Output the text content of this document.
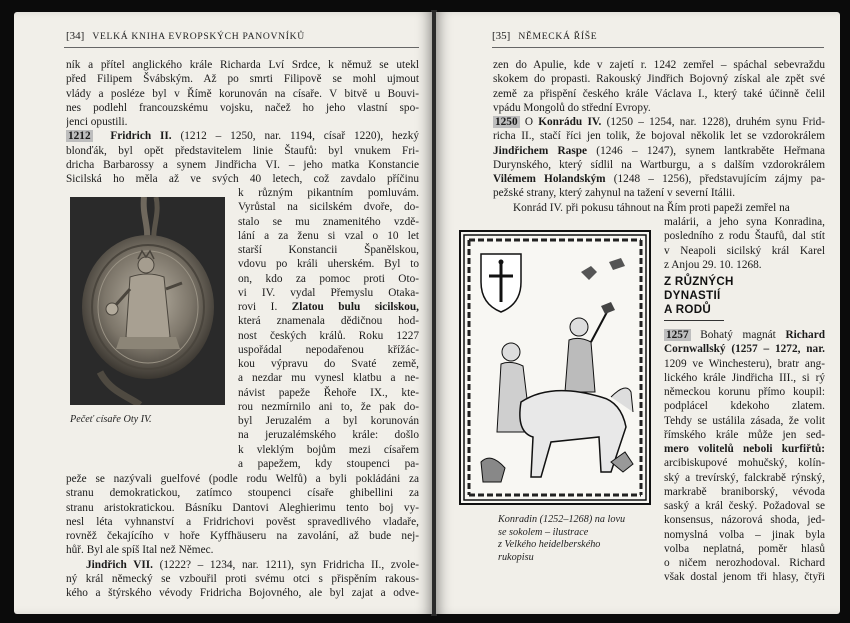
[34] VELKÁ KNIHA EVROPSKÝCH PANOVNÍKŮ
ník a přítel anglického krále Richarda Lví Srdce, k němuž se utekl
před Filipem Švábským. Až po smrti Filipově se mohl ujmout
vlády a posléze byl v Římě korunován na císaře. V bitvě u Bouvi-
nes podlehl francouzskému vojsku, načež ho jeho vlastní spo-
jenci opustili.
1212 Fridrich II. (1212 – 1250, nar. 1194, císař 1220), hezký
blonďák, byl opět představitelem linie Štaufů: byl vnukem Fri-
dricha Barbarossy a synem Jindřicha VI. – jeho matka Konstancie
Sicilská ho měla až ve svých 40 letech, což zavdalo příčinu
Pečeť císaře Oty IV.
k různým pikantním pomluvám.
Vyrůstal na sicilském dvoře, do-
stalo se mu znamenitého vzdě-
lání a za ženu si vzal o 10 let
starší Konstancii Španělskou,
vdovu po králi uherském. Byl to
on, kdo za pomoc proti Oto-
vi IV. vydal Přemyslu Otaka-
rovi I. Zlatou bulu sicilskou,
která znamenala dědičnou hod-
nost českých králů. Roku 1227
uspořádal nepodařenou křížác-
kou výpravu do Svaté země,
a nezdar mu vynesl klatbu a ne-
návist papeže Řehoře IX., kte-
rou nezmírnilo ani to, že pak do-
byl Jeruzalém a byl korunován
na jeruzalémského krále: došlo
k vleklým bojům mezi císařem
a papežem, kdy stoupenci pa-
peže se nazývali guelfové (podle rodu Welfů) a byli pokládáni za
stranu demokratickou, zatímco stoupenci císaře ghibellini za
stranu aristokratickou. Básníku Dantovi Aleghierimu tento boj vy-
nesl léta vyhnanství a Fridrichovi pověst spravedlivého vladaře,
rovněž čekajícího v hoře Kyffhäuseru na zavolání, až bude nej-
hůř. Byl ale spíš Ital než Němec.
Jindřich VII. (1222? – 1234, nar. 1211), syn Fridricha II., zvole-
ný král německý se vzbouřil proti svému otci s přispěním rakous-
kého a štýrského vévody Fridricha Bojovného, ale byl zajat a odve-
[35] NĚMECKÁ ŘÍŠE
zen do Apulie, kde v zajetí r. 1242 zemřel – spáchal sebevraždu
skokem do propasti. Rakouský Jindřich Bojovný získal ale zpět své
země za přispění českého krále Václava I., který také účinně čelil
vpádu Mongolů do střední Evropy.
1250 O Konrádu IV. (1250 – 1254, nar. 1228), druhém synu Frid-
richa II., stačí říci jen tolik, že bojoval několik let se vzdorokrálem
Jindřichem Raspe (1246 – 1247), synem lantkraběte Heřmana
Durynského, který sídlil na Wartburgu, a s dalším vzdorokrálem
Vilémem Holandským (1248 – 1256), představujícím zájmy pa-
pežské strany, který zahynul na tažení v severní Itálii.
Konrád IV. při pokusu táhnout na Řím proti papeži zemřel na
Konradin (1252–1268) na lovu
se sokolem – ilustrace
z Velkého heidelberského
rukopisu
malárii, a jeho syna Konradina,
posledního z rodu Štaufů, dal stít
v Neapoli sicilský král Karel
z Anjou 29. 10. 1268.
Z RŮZNÝCH
DYNASTIÍ
A RODŮ
1257 Bohatý magnát Richard
Cornwallský (1257 – 1272, nar.
1209 ve Winchesteru), bratr ang-
lického krále Jindřicha III., si rý
německou korunu přímo koupil:
podplácel kdekoho zlatem.
Tehdy se ustálila zásada, že volit
římského krále může jen sed-
mero volitelů neboli kurfiřtů:
arcibiskupové mohučský, kolín-
ský a trevírský, falckrabě rýnský,
markrabě braniborský, vévoda
saský a král český. Požadoval se
konsensus, názorová shoda, jed-
nomyslná volba – jinak byla
volba neplatná, poměr hlasů
o ničem nerozhodoval. Richard
však dostal jenom tři hlasy, čtyři
